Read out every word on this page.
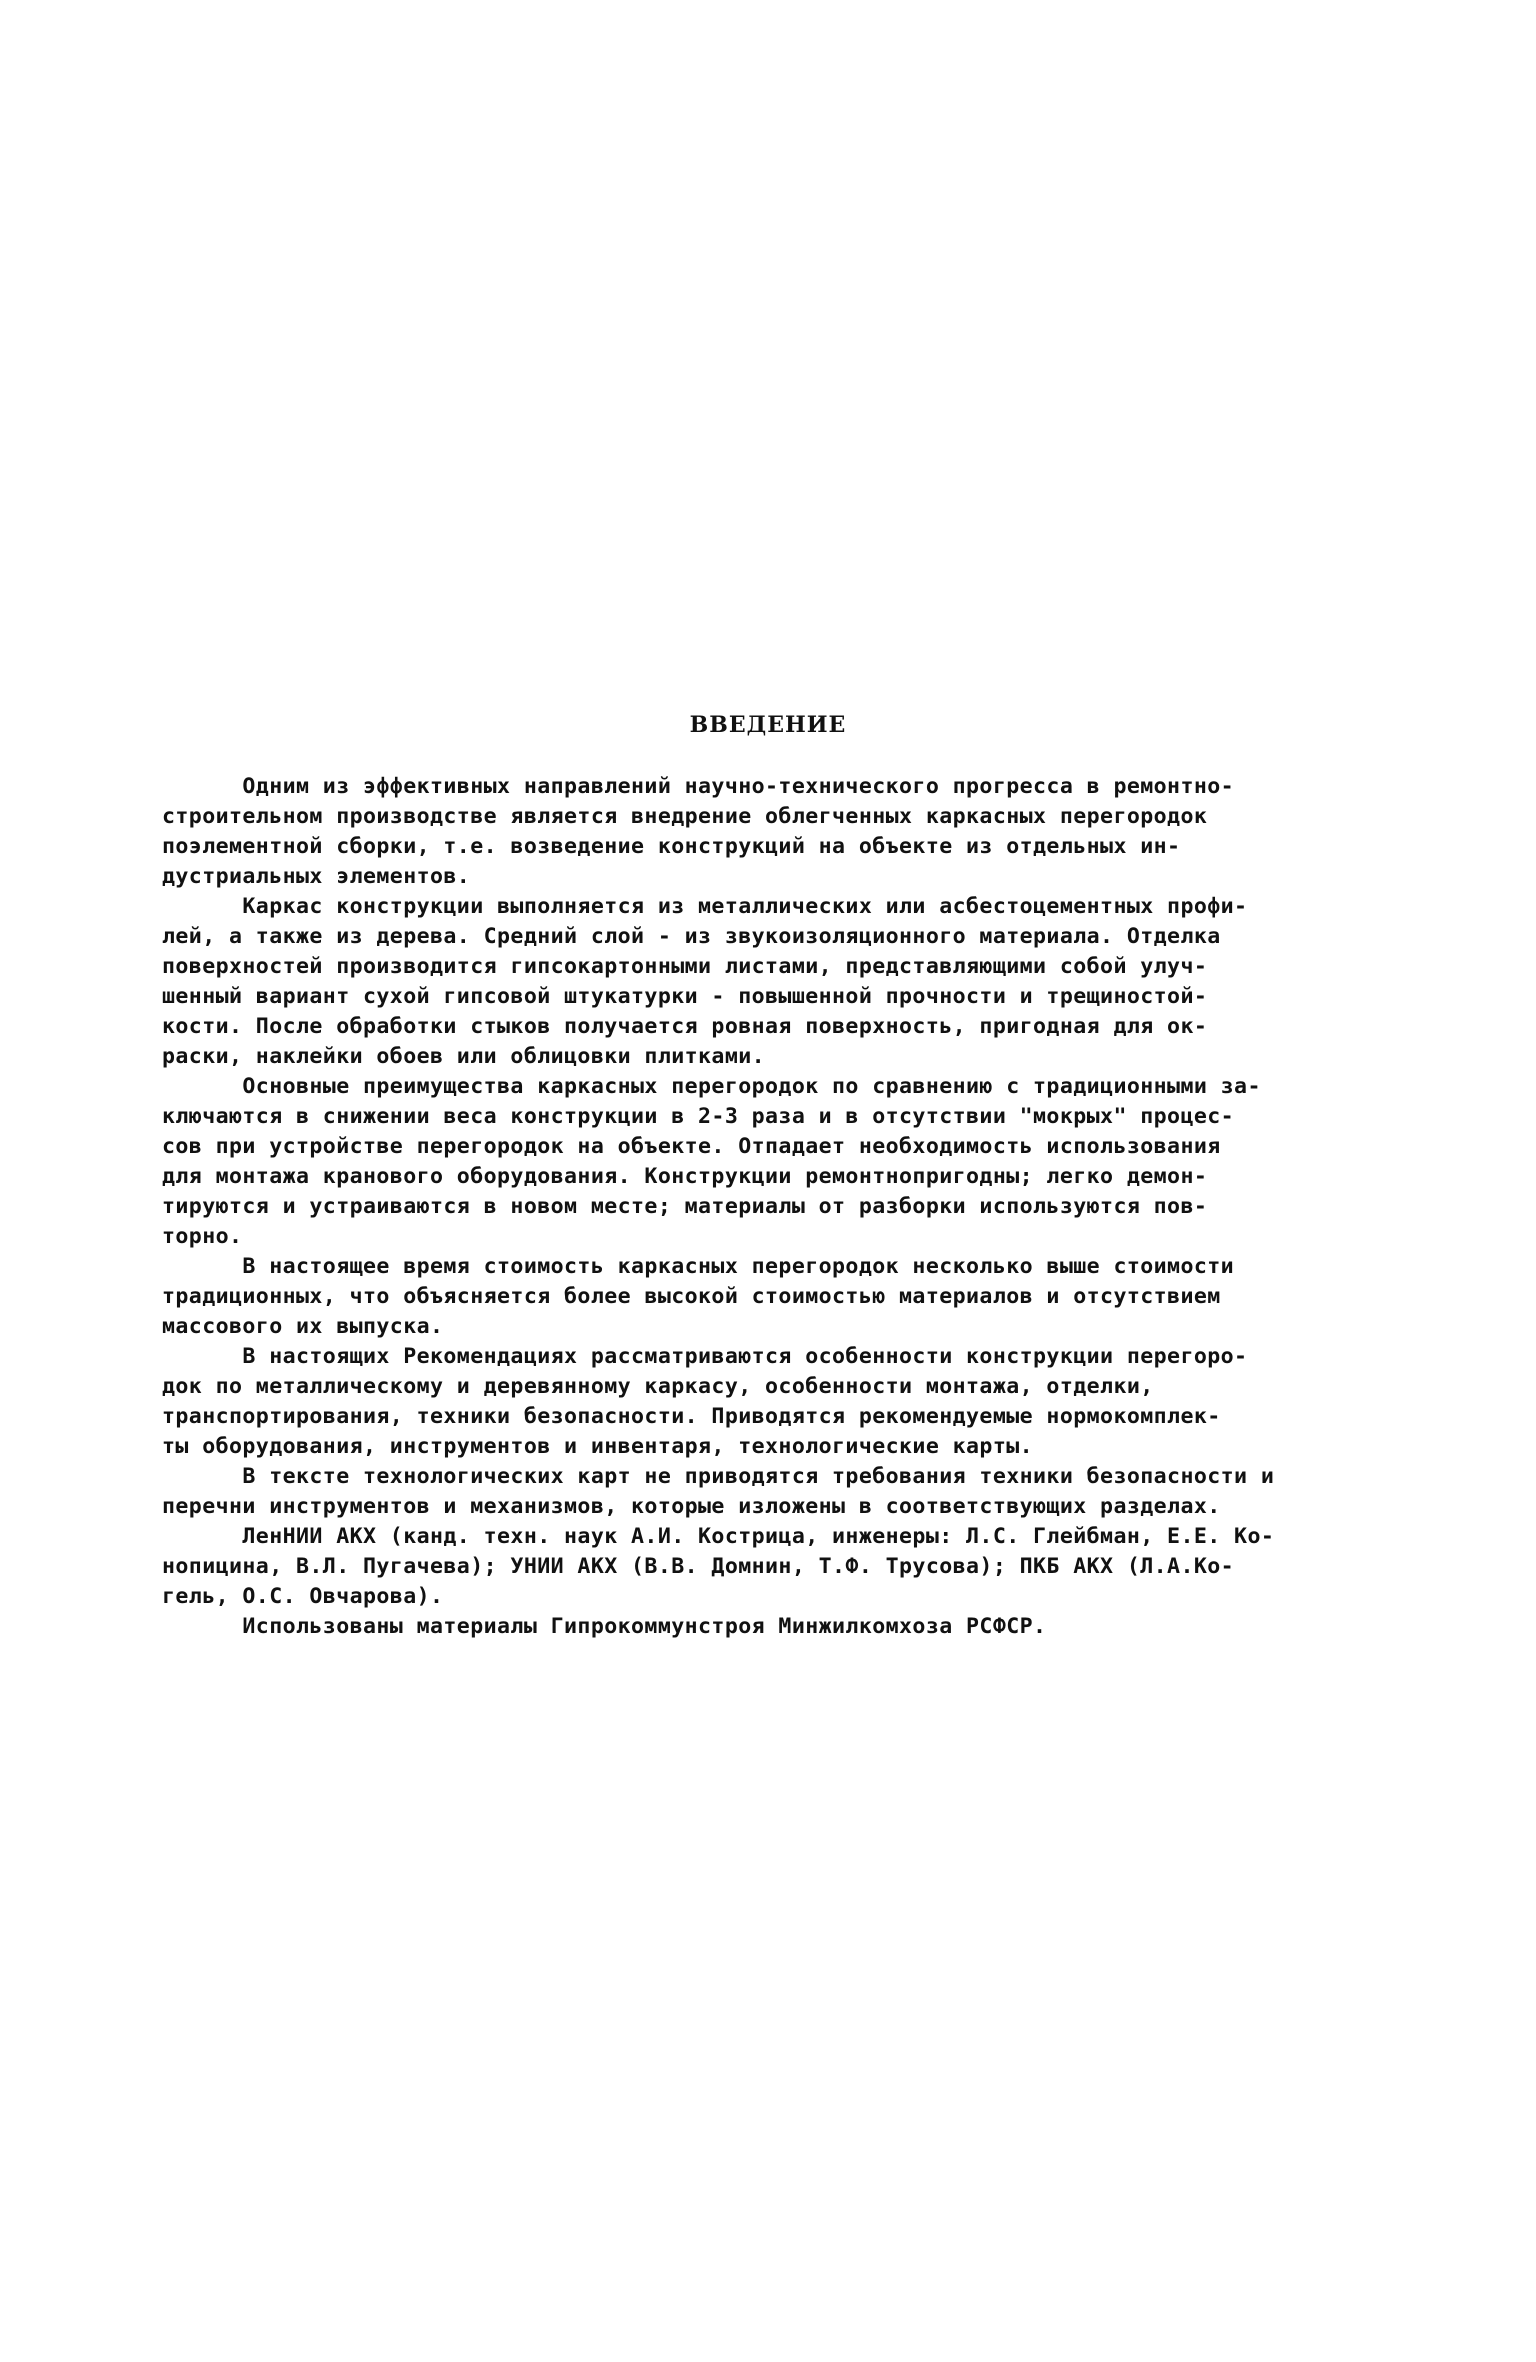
ВВЕДЕНИЕ
Одним из эффективных направлений научно-технического прогресса в ремонтно-
строительном производстве является внедрение облегченных каркасных перегородок
поэлементной сборки, т.е. возведение конструкций на объекте из отдельных ин-
дустриальных элементов.
Каркас конструкции выполняется из металлических или асбестоцементных профи-
лей, а также из дерева. Средний слой - из звукоизоляционного материала. Отделка
поверхностей производится гипсокартонными листами, представляющими собой улуч-
шенный вариант сухой гипсовой штукатурки - повышенной прочности и трещиностой-
кости. После обработки стыков получается ровная поверхность, пригодная для ок-
раски, наклейки обоев или облицовки плитками.
Основные преимущества каркасных перегородок по сравнению с традиционными за-
ключаются в снижении веса конструкции в 2-3 раза и в отсутствии "мокрых" процес-
сов при устройстве перегородок на объекте. Отпадает необходимость использования
для монтажа кранового оборудования. Конструкции ремонтнопригодны; легко демон-
тируются и устраиваются в новом месте; материалы от разборки используются пов-
торно.
В настоящее время стоимость каркасных перегородок несколько выше стоимости
традиционных, что объясняется более высокой стоимостью материалов и отсутствием
массового их выпуска.
В настоящих Рекомендациях рассматриваются особенности конструкции перегоро-
док по металлическому и деревянному каркасу, особенности монтажа, отделки,
транспортирования, техники безопасности. Приводятся рекомендуемые нормокомплек-
ты оборудования, инструментов и инвентаря, технологические карты.
В тексте технологических карт не приводятся требования техники безопасности и
перечни инструментов и механизмов, которые изложены в соответствующих разделах.
ЛенНИИ АКХ (канд. техн. наук А.И. Кострица, инженеры: Л.С. Глейбман, Е.Е. Ко-
нопицина, В.Л. Пугачева); УНИИ АКХ (В.В. Домнин, Т.Ф. Трусова); ПКБ АКХ (Л.А.Ко-
гель, О.С. Овчарова).
Использованы материалы Гипрокоммунстроя Минжилкомхоза РСФСР.
